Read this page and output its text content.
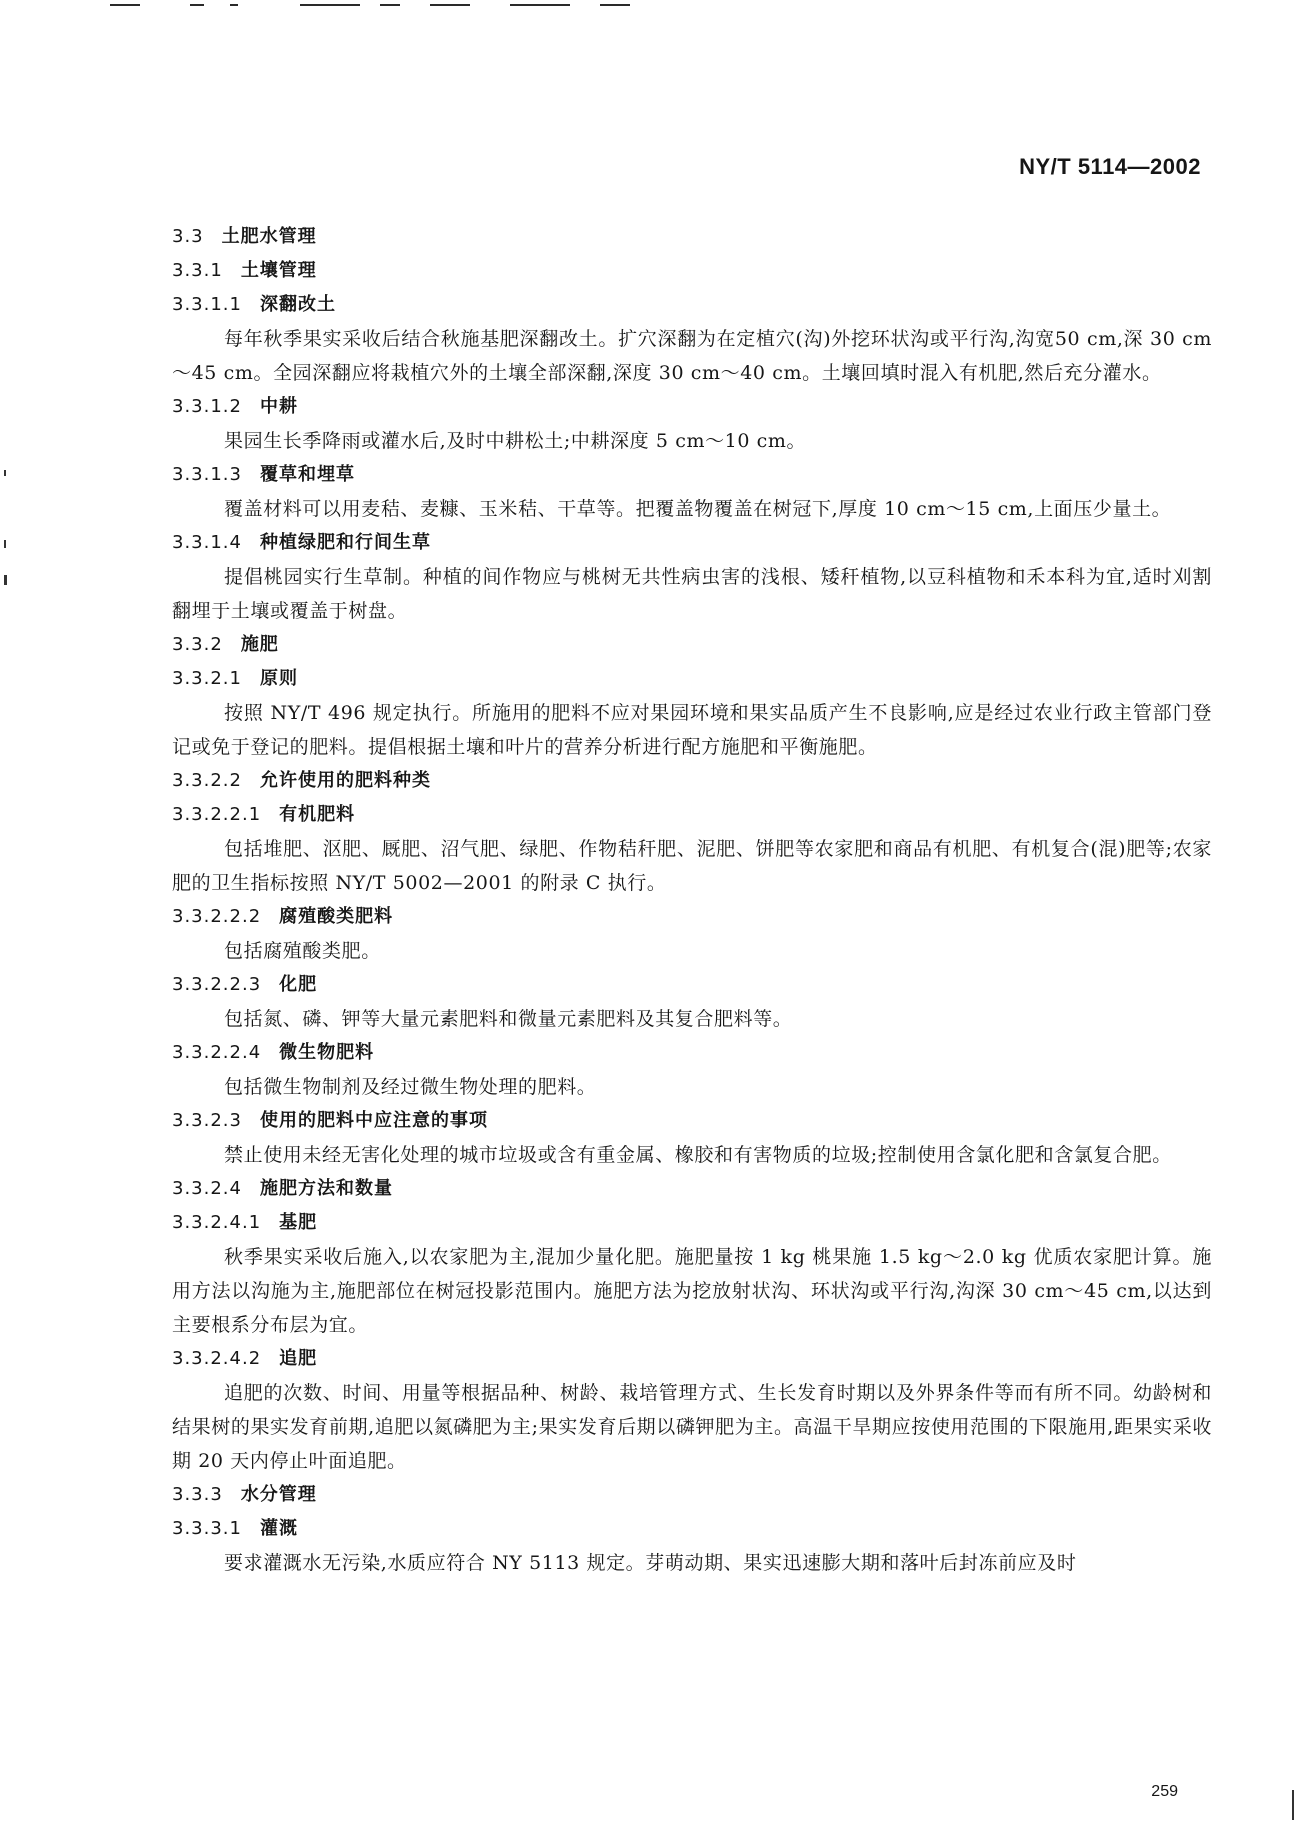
NY/T 5114—2002
3.3 土肥水管理
3.3.1 土壤管理
3.3.1.1 深翻改土

每年秋季果实采收后结合秋施基肥深翻改土。扩穴深翻为在定植穴(沟)外挖环状沟或平行沟,沟宽50 cm,深 30 cm～45 cm。全园深翻应将栽植穴外的土壤全部深翻,深度 30 cm～40 cm。土壤回填时混入有机肥,然后充分灌水。

3.3.1.2 中耕

果园生长季降雨或灌水后,及时中耕松土;中耕深度 5 cm～10 cm。

3.3.1.3 覆草和埋草

覆盖材料可以用麦秸、麦糠、玉米秸、干草等。把覆盖物覆盖在树冠下,厚度 10 cm～15 cm,上面压少量土。

3.3.1.4 种植绿肥和行间生草

提倡桃园实行生草制。种植的间作物应与桃树无共性病虫害的浅根、矮秆植物,以豆科植物和禾本科为宜,适时刈割翻埋于土壤或覆盖于树盘。

3.3.2 施肥
3.3.2.1 原则

按照 NY/T 496 规定执行。所施用的肥料不应对果园环境和果实品质产生不良影响,应是经过农业行政主管部门登记或免于登记的肥料。提倡根据土壤和叶片的营养分析进行配方施肥和平衡施肥。

3.3.2.2 允许使用的肥料种类
3.3.2.2.1 有机肥料

包括堆肥、沤肥、厩肥、沼气肥、绿肥、作物秸秆肥、泥肥、饼肥等农家肥和商品有机肥、有机复合(混)肥等;农家肥的卫生指标按照 NY/T 5002—2001 的附录 C 执行。

3.3.2.2.2 腐殖酸类肥料

包括腐殖酸类肥。

3.3.2.2.3 化肥

包括氮、磷、钾等大量元素肥料和微量元素肥料及其复合肥料等。

3.3.2.2.4 微生物肥料

包括微生物制剂及经过微生物处理的肥料。

3.3.2.3 使用的肥料中应注意的事项

禁止使用未经无害化处理的城市垃圾或含有重金属、橡胶和有害物质的垃圾;控制使用含氯化肥和含氯复合肥。

3.3.2.4 施肥方法和数量
3.3.2.4.1 基肥

秋季果实采收后施入,以农家肥为主,混加少量化肥。施肥量按 1 kg 桃果施 1.5 kg～2.0 kg 优质农家肥计算。施用方法以沟施为主,施肥部位在树冠投影范围内。施肥方法为挖放射状沟、环状沟或平行沟,沟深 30 cm～45 cm,以达到主要根系分布层为宜。

3.3.2.4.2 追肥

追肥的次数、时间、用量等根据品种、树龄、栽培管理方式、生长发育时期以及外界条件等而有所不同。幼龄树和结果树的果实发育前期,追肥以氮磷肥为主;果实发育后期以磷钾肥为主。高温干旱期应按使用范围的下限施用,距果实采收期 20 天内停止叶面追肥。

3.3.3 水分管理
3.3.3.1 灌溉

要求灌溉水无污染,水质应符合 NY 5113 规定。芽萌动期、果实迅速膨大期和落叶后封冻前应及时

259
